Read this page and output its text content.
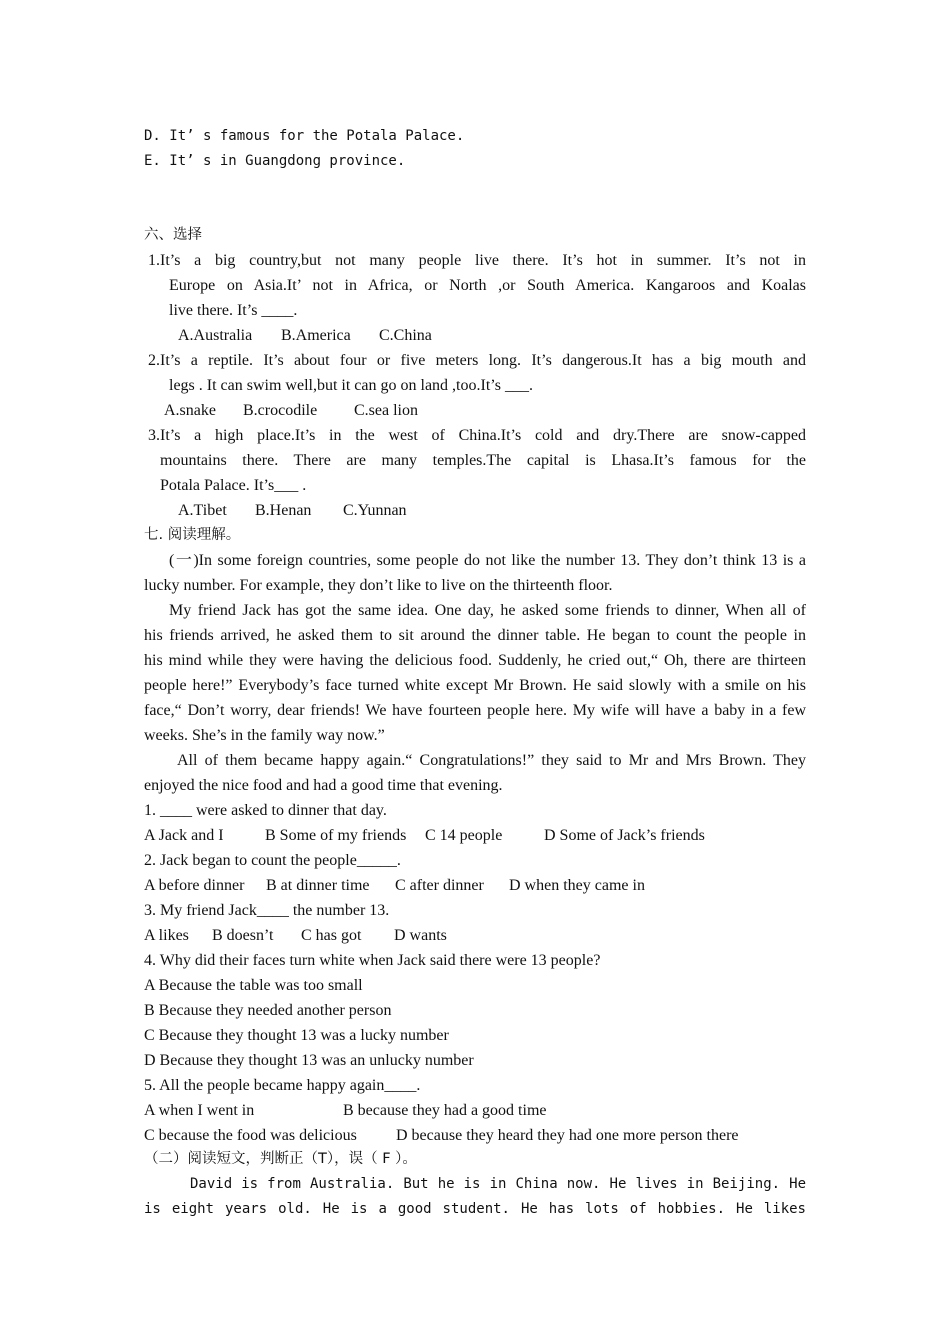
D. It’ s famous for the Potala Palace.
E. It’ s in Guangdong province.
六、选择
1.It’s a big country,but not many people live there. It’s hot in summer. It’s not in
Europe on Asia.It’ not in Africa, or North ,or South America. Kangaroos and Koalas
live there. It’s ____.
A.Australia B.America C.China
2.It’s a reptile. It’s about four or five meters long. It’s dangerous.It has a big mouth and
legs . It can swim well,but it can go on land ,too.It’s ___.
A.snake B.crocodile C.sea lion
3.It’s a high place.It’s in the west of China.It’s cold and dry.There are snow-capped
mountains there. There are many temples.The capital is Lhasa.It’s famous for the
Potala Palace. It’s___ .
A.Tibet B.Henan C.Yunnan
七. 阅读理解。
(一)In some foreign countries, some people do not like the number 13. They don’t think 13 is a
lucky number. For example, they don’t like to live on the thirteenth floor.
My friend Jack has got the same idea. One day, he asked some friends to dinner, When all of
his friends arrived, he asked them to sit around the dinner table. He began to count the people in
his mind while they were having the delicious food. Suddenly, he cried out,“ Oh, there are thirteen
people here!” Everybody’s face turned white except Mr Brown. He said slowly with a smile on his
face,“ Don’t worry, dear friends! We have fourteen people here. My wife will have a baby in a few
weeks. She’s in the family way now.”
All of them became happy again.“ Congratulations!” they said to Mr and Mrs Brown. They
enjoyed the nice food and had a good time that evening.
1. ____ were asked to dinner that day.
A Jack and I	B Some of my friends C 14 people	D Some of Jack’s friends
2. Jack began to count the people_____.
A before dinner B at dinner time C after dinner D when they came in
3. My friend Jack____ the number 13.
A likes B doesn’t C has got D wants
4. Why did their faces turn white when Jack said there were 13 people?
A Because the table was too small
B Because they needed another person
C Because they thought 13 was a lucky number
D Because they thought 13 was an unlucky number
5. All the people became happy again____.
A when I went in	B because they had a good time
C because the food was delicious D because they heard they had one more person there
（二）阅读短文，判断正（T），误（ F ）。
David is from Australia. But he is in China now. He lives in Beijing. He
is eight years old. He is a good student. He has lots of hobbies. He likes
